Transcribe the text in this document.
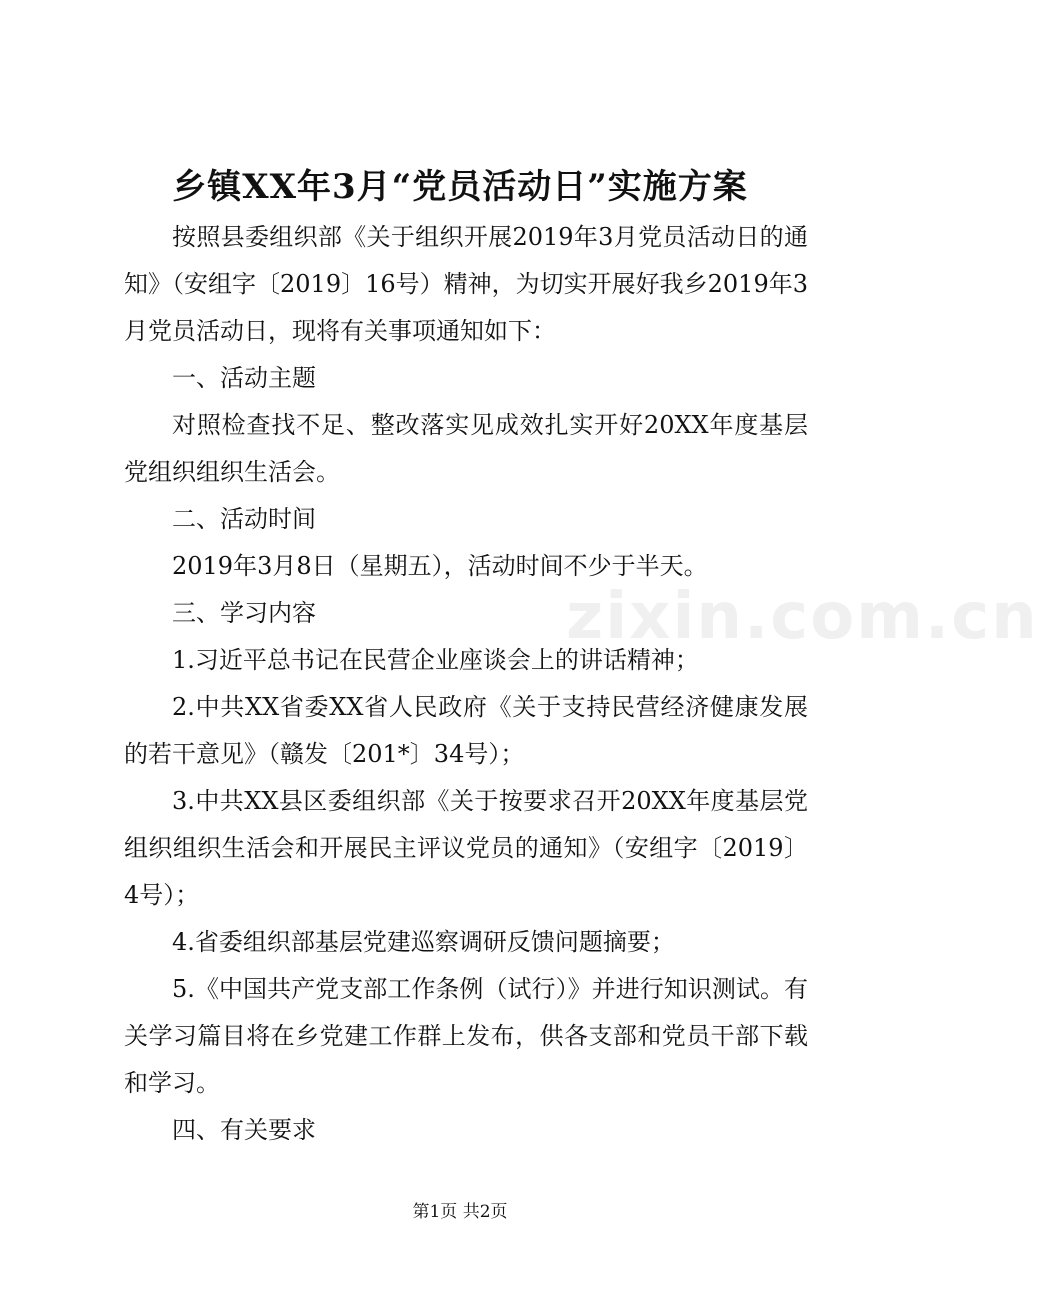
乡镇XX年3月“党员活动日”实施方案

按照县委组织部《关于组织开展2019年3月党员活动日的通知》（安组字〔2019〕16号）精神，为切实开展好我乡2019年3月党员活动日，现将有关事项通知如下：

一、活动主题

对照检查找不足、整改落实见成效扎实开好20XX年度基层党组织组织生活会。

二、活动时间

2019年3月8日（星期五），活动时间不少于半天。

三、学习内容

1.习近平总书记在民营企业座谈会上的讲话精神；

2.中共XX省委XX省人民政府《关于支持民营经济健康发展的若干意见》（赣发〔201*〕34号）；

3.中共XX县区委组织部《关于按要求召开20XX年度基层党组织组织生活会和开展民主评议党员的通知》（安组字〔2019〕4号）；

4.省委组织部基层党建巡察调研反馈问题摘要；

5.《中国共产党支部工作条例（试行）》并进行知识测试。有关学习篇目将在乡党建工作群上发布，供各支部和党员干部下载和学习。

四、有关要求

zixin.com.cn
第1页 共2页
